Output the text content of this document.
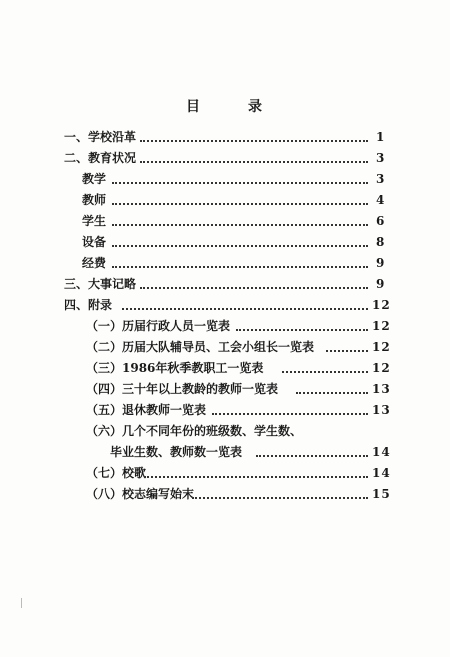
目	录
一、学校沿革	1
二、教育状况	3
教学	3
教师	4
学生	6
设备	8
经费	9
三、大事记略	9
四、附录	12
（一）历届行政人员一览表	12
（二）历届大队辅导员、工会小组长一览表	12
（三）1986年秋季教职工一览表	12
（四）三十年以上教龄的教师一览表	13
（五）退休教师一览表	13
（六）几个不同年份的班级数、学生数、
毕业生数、教师数一览表	14
（七）校歌	14
（八）校志编写始末	15
